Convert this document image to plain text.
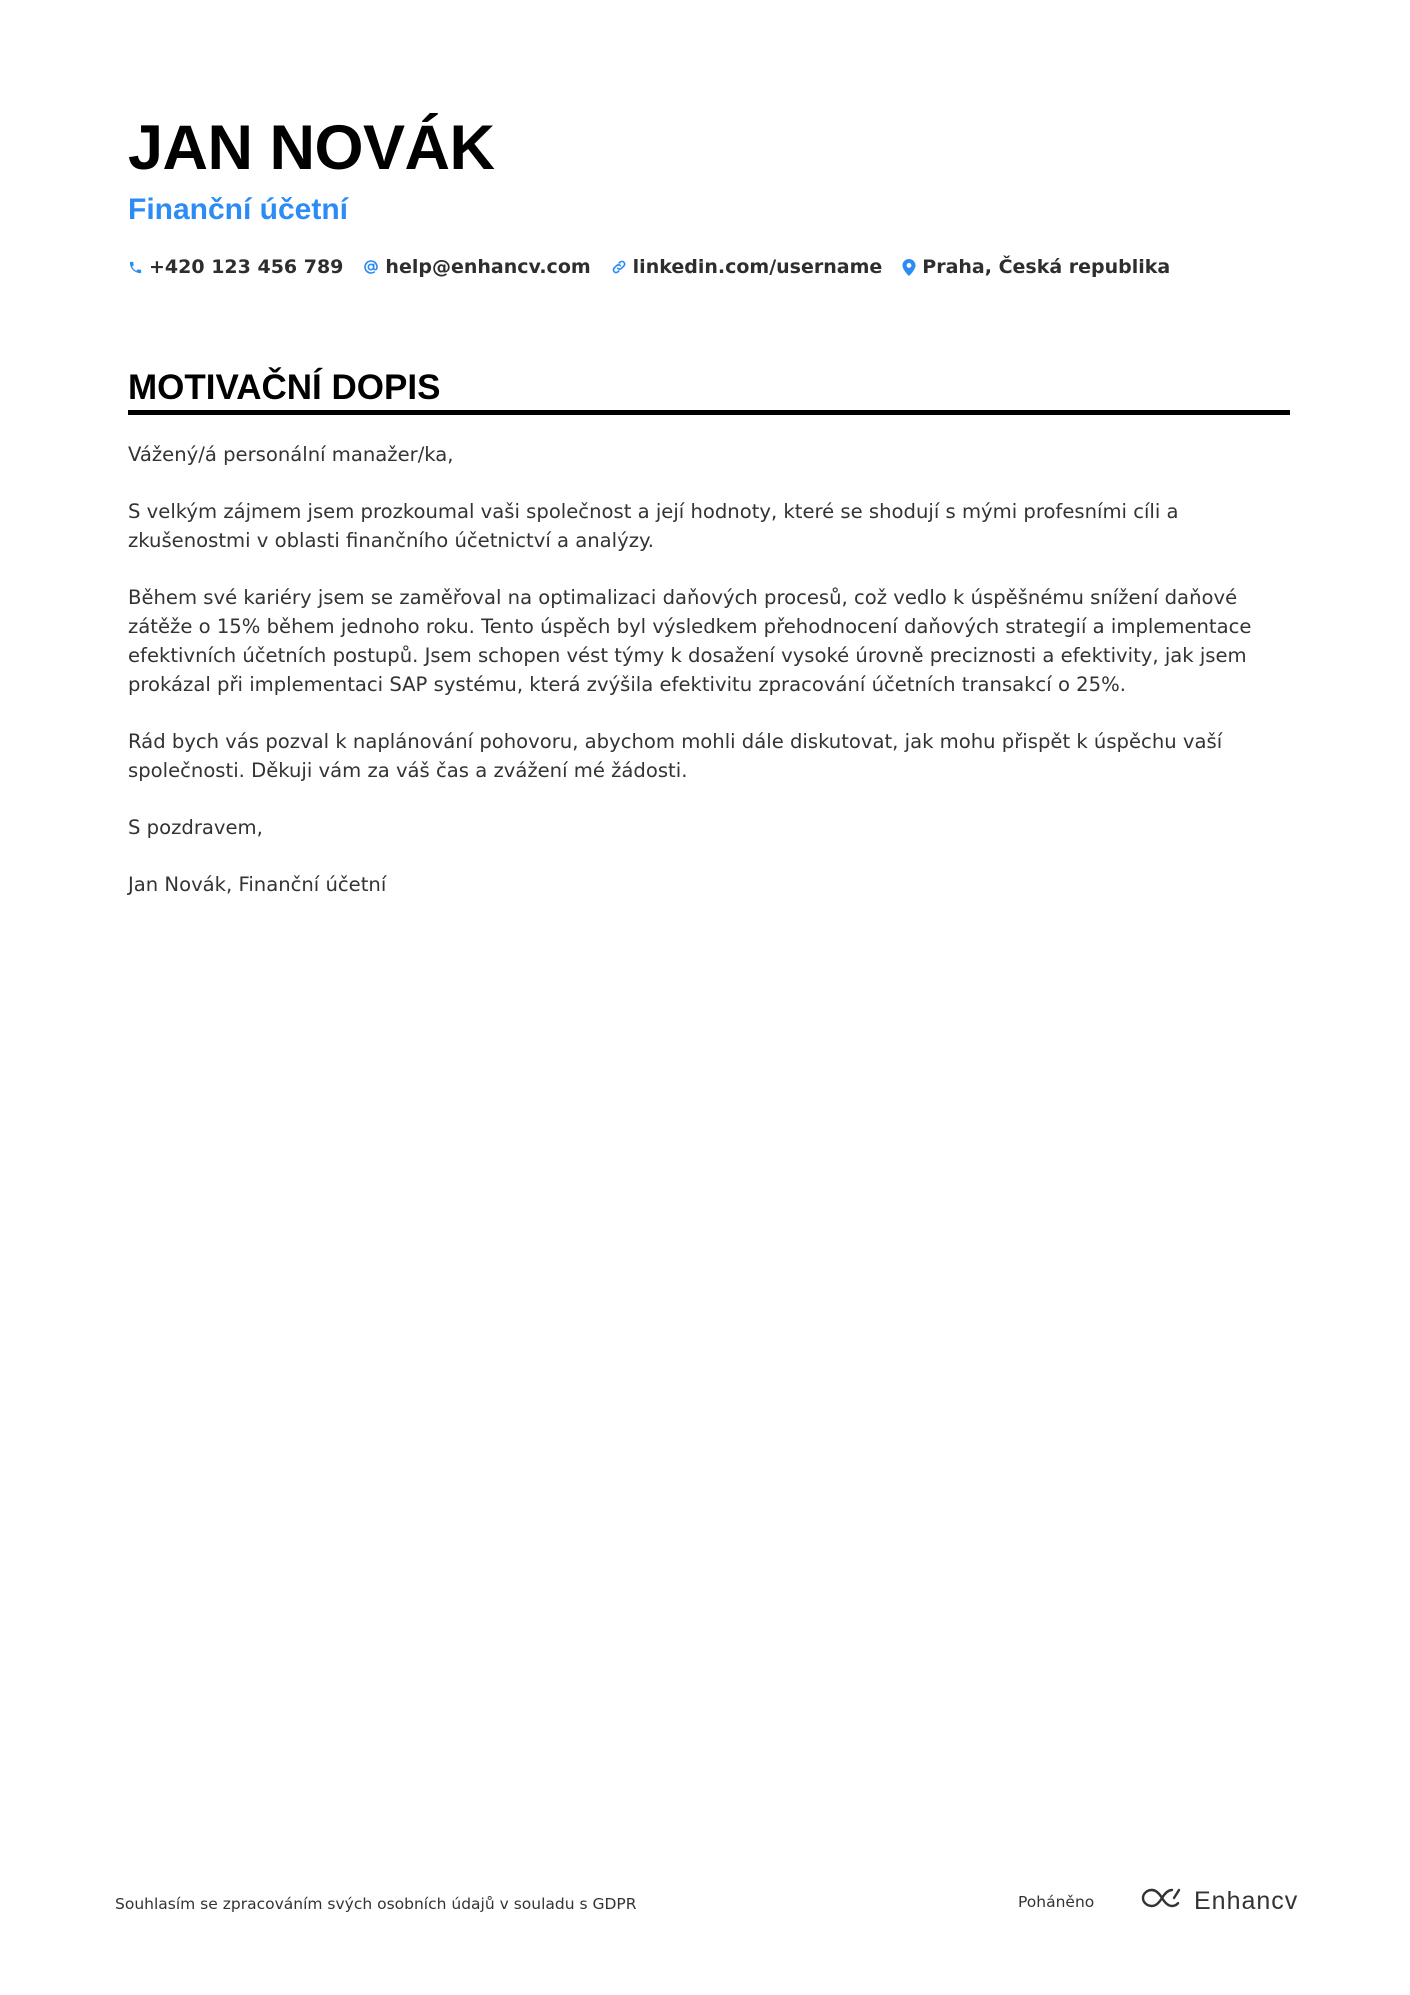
JAN NOVÁK
Finanční účetní
+420 123 456 789 help@enhancv.com linkedin.com/username Praha, Česká republika
MOTIVAČNÍ DOPIS

Vážený/á personální manažer/ka,

S velkým zájmem jsem prozkoumal vaši společnost a její hodnoty, které se shodují s mými profesními cíli a zkušenostmi v oblasti finančního účetnictví a analýzy.

Během své kariéry jsem se zaměřoval na optimalizaci daňových procesů, což vedlo k úspěšnému snížení daňové zátěže o 15% během jednoho roku. Tento úspěch byl výsledkem přehodnocení daňových strategií a implementace efektivních účetních postupů. Jsem schopen vést týmy k dosažení vysoké úrovně preciznosti a efektivity, jak jsem prokázal při implementaci SAP systému, která zvýšila efektivitu zpracování účetních transakcí o 25%.

Rád bych vás pozval k naplánování pohovoru, abychom mohli dále diskutovat, jak mohu přispět k úspěchu vaší společnosti. Děkuji vám za váš čas a zvážení mé žádosti.

S pozdravem,

Jan Novák, Finanční účetní

Souhlasím se zpracováním svých osobních údajů v souladu s GDPR	Poháněno	Enhancv
